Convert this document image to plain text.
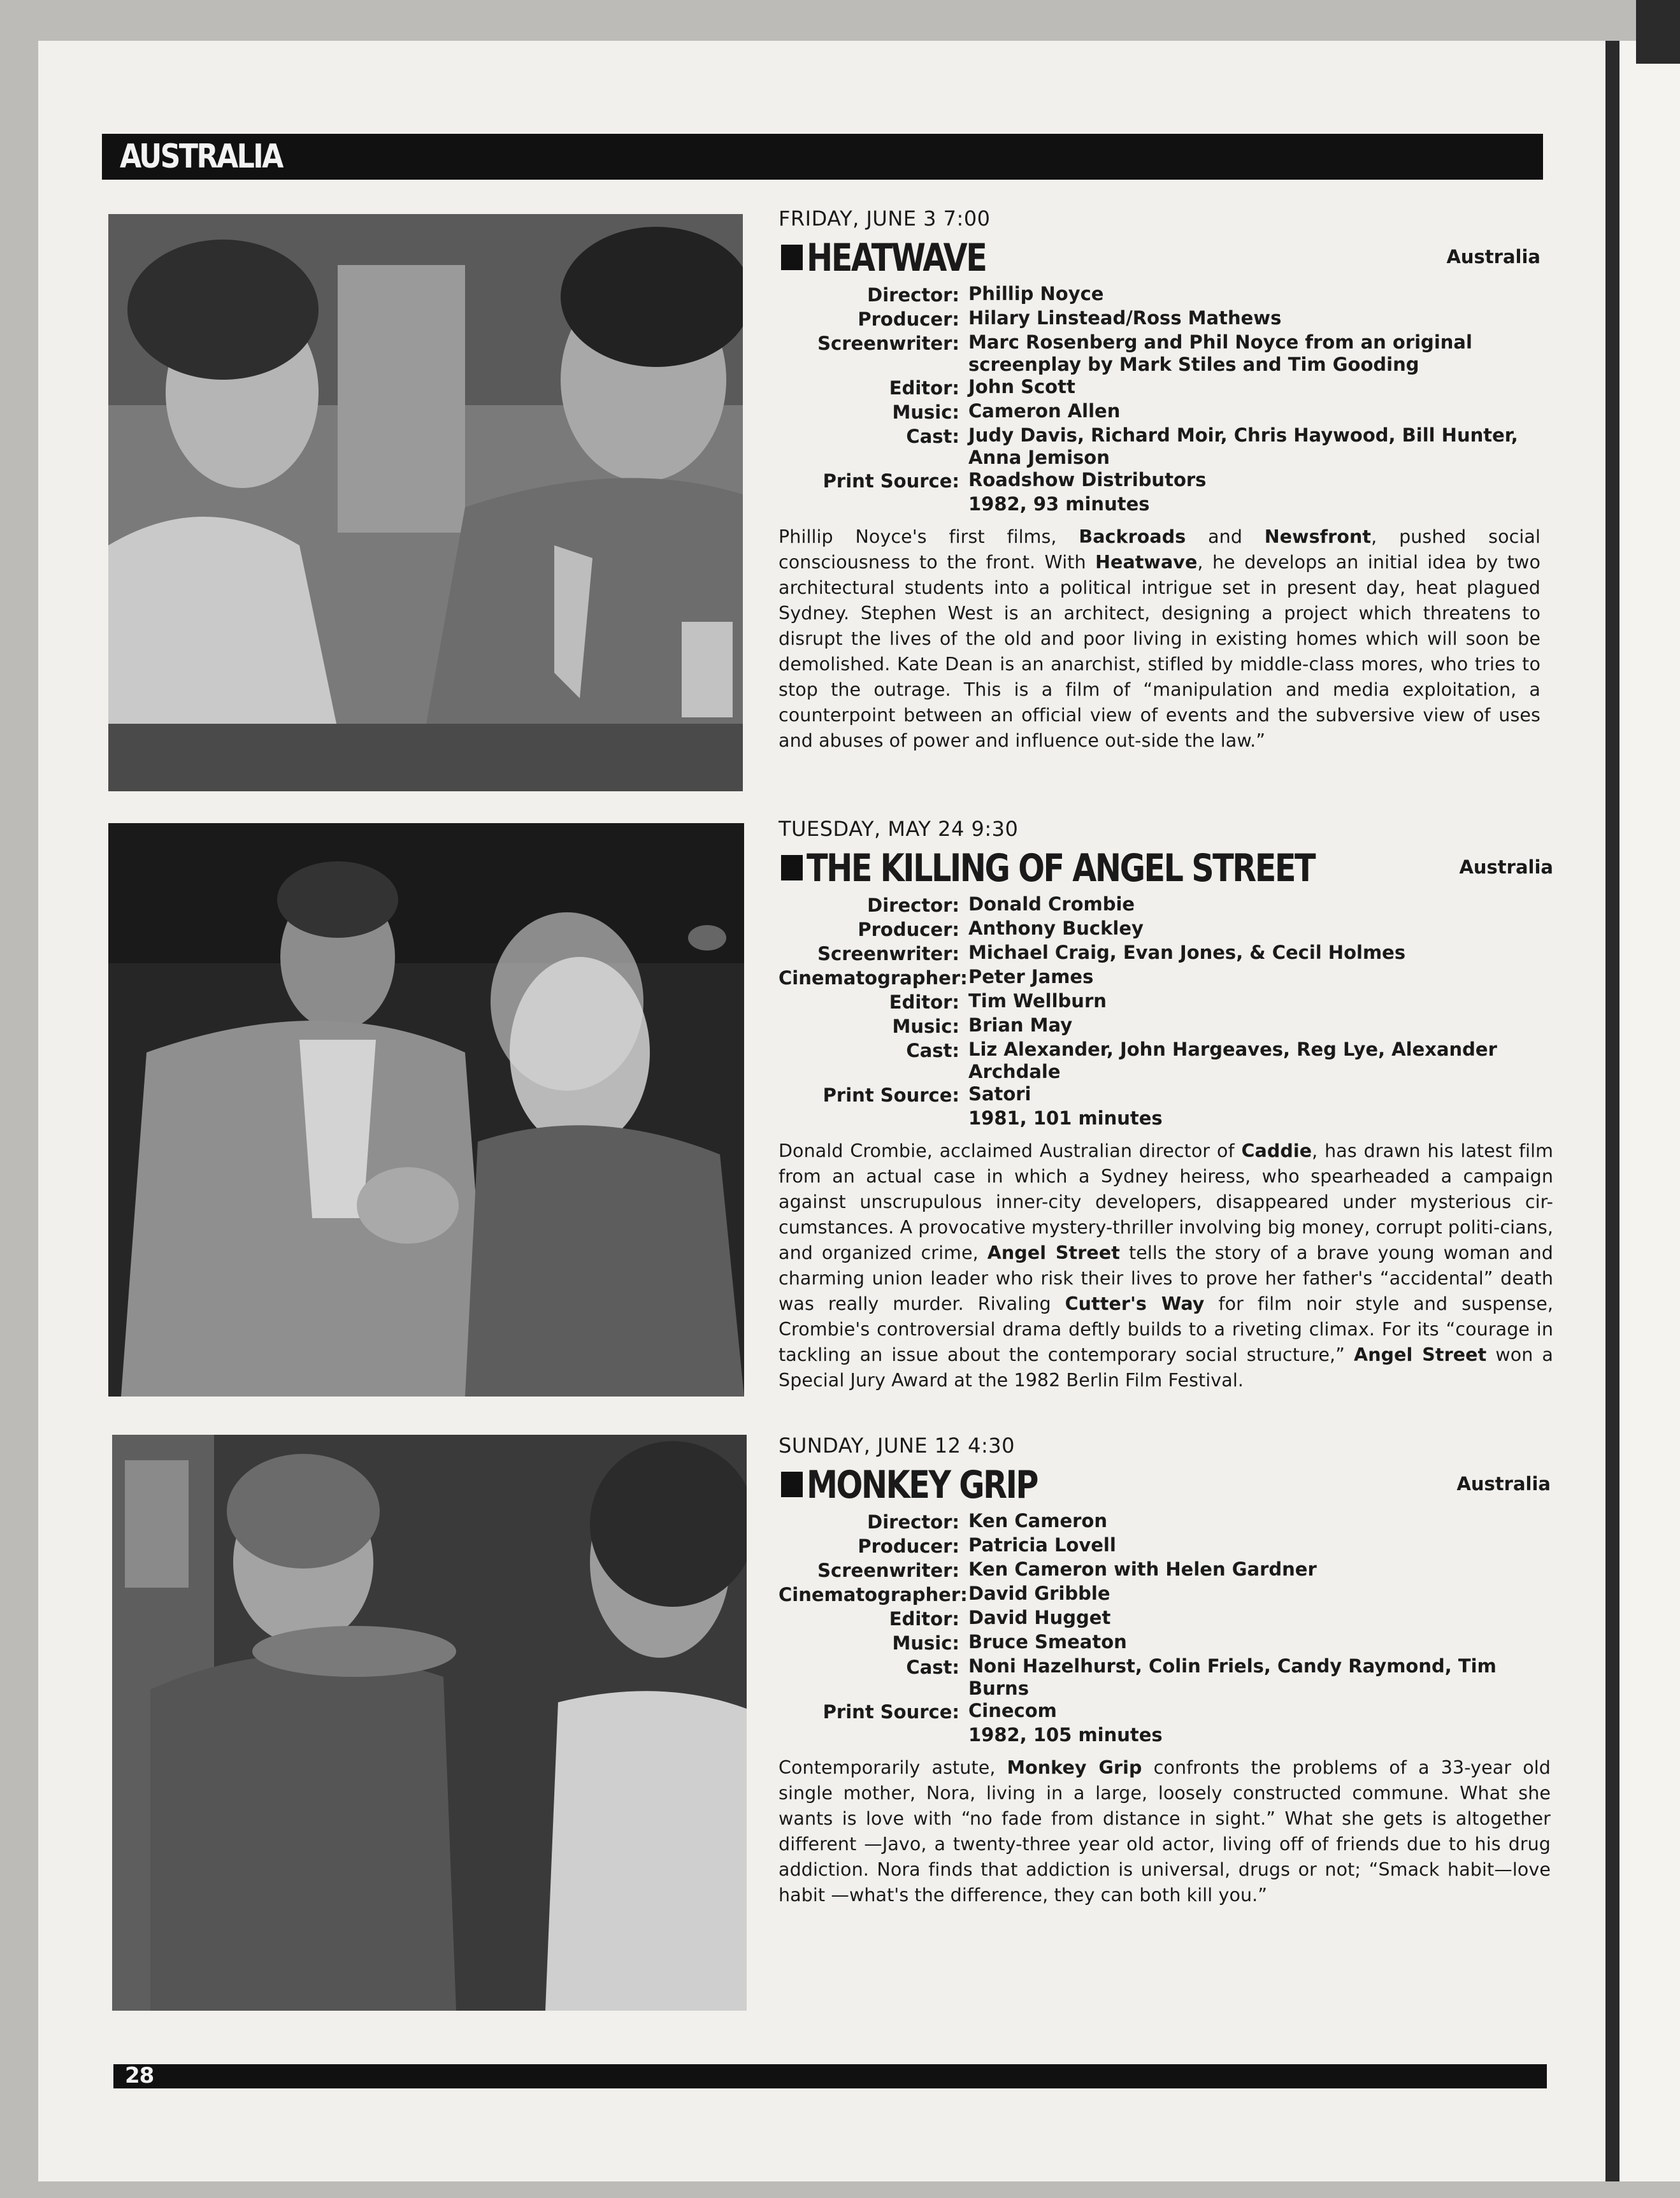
AUSTRALIA
FRIDAY, JUNE 3 7:00
HEATWAVE	Australia
Director: Phillip Noyce
Producer: Hilary Linstead/Ross Mathews
Screenwriter: Marc Rosenberg and Phil Noyce from an original screenplay by Mark Stiles and Tim Gooding
Editor: John Scott
Music: Cameron Allen
Cast: Judy Davis, Richard Moir, Chris Haywood, Bill Hunter, Anna Jemison
Print Source: Roadshow Distributors
1982, 93 minutes

Phillip Noyce's first films, Backroads and Newsfront, pushed social consciousness to the front. With Heatwave, he develops an initial idea by two architectural students into a political intrigue set in present day, heat plagued Sydney. Stephen West is an architect, designing a project which threatens to disrupt the lives of the old and poor living in existing homes which will soon be demolished. Kate Dean is an anarchist, stifled by middle-class mores, who tries to stop the outrage. This is a film of “manipulation and media exploitation, a counterpoint between an official view of events and the subversive view of uses and abuses of power and influence out-side the law.”

TUESDAY, MAY 24 9:30
THE KILLING OF ANGEL STREET	Australia
Director: Donald Crombie
Producer: Anthony Buckley
Screenwriter: Michael Craig, Evan Jones, & Cecil Holmes
Cinematographer: Peter James
Editor: Tim Wellburn
Music: Brian May
Cast: Liz Alexander, John Hargeaves, Reg Lye, Alexander Archdale
Print Source: Satori
1981, 101 minutes

Donald Crombie, acclaimed Australian director of Caddie, has drawn his latest film from an actual case in which a Sydney heiress, who spearheaded a campaign against unscrupulous inner-city developers, disappeared under mysterious cir-cumstances. A provocative mystery-thriller involving big money, corrupt politi-cians, and organized crime, Angel Street tells the story of a brave young woman and charming union leader who risk their lives to prove her father's “accidental” death was really murder. Rivaling Cutter's Way for film noir style and suspense, Crombie's controversial drama deftly builds to a riveting climax. For its “courage in tackling an issue about the contemporary social structure,” Angel Street won a Special Jury Award at the 1982 Berlin Film Festival.

SUNDAY, JUNE 12 4:30
MONKEY GRIP	Australia
Director: Ken Cameron
Producer: Patricia Lovell
Screenwriter: Ken Cameron with Helen Gardner
Cinematographer: David Gribble
Editor: David Hugget
Music: Bruce Smeaton
Cast: Noni Hazelhurst, Colin Friels, Candy Raymond, Tim Burns
Print Source: Cinecom
1982, 105 minutes

Contemporarily astute, Monkey Grip confronts the problems of a 33-year old single mother, Nora, living in a large, loosely constructed commune. What she wants is love with “no fade from distance in sight.” What she gets is altogether different —Javo, a twenty-three year old actor, living off of friends due to his drug addiction. Nora finds that addiction is universal, drugs or not; “Smack habit—love habit —what's the difference, they can both kill you.”

28
